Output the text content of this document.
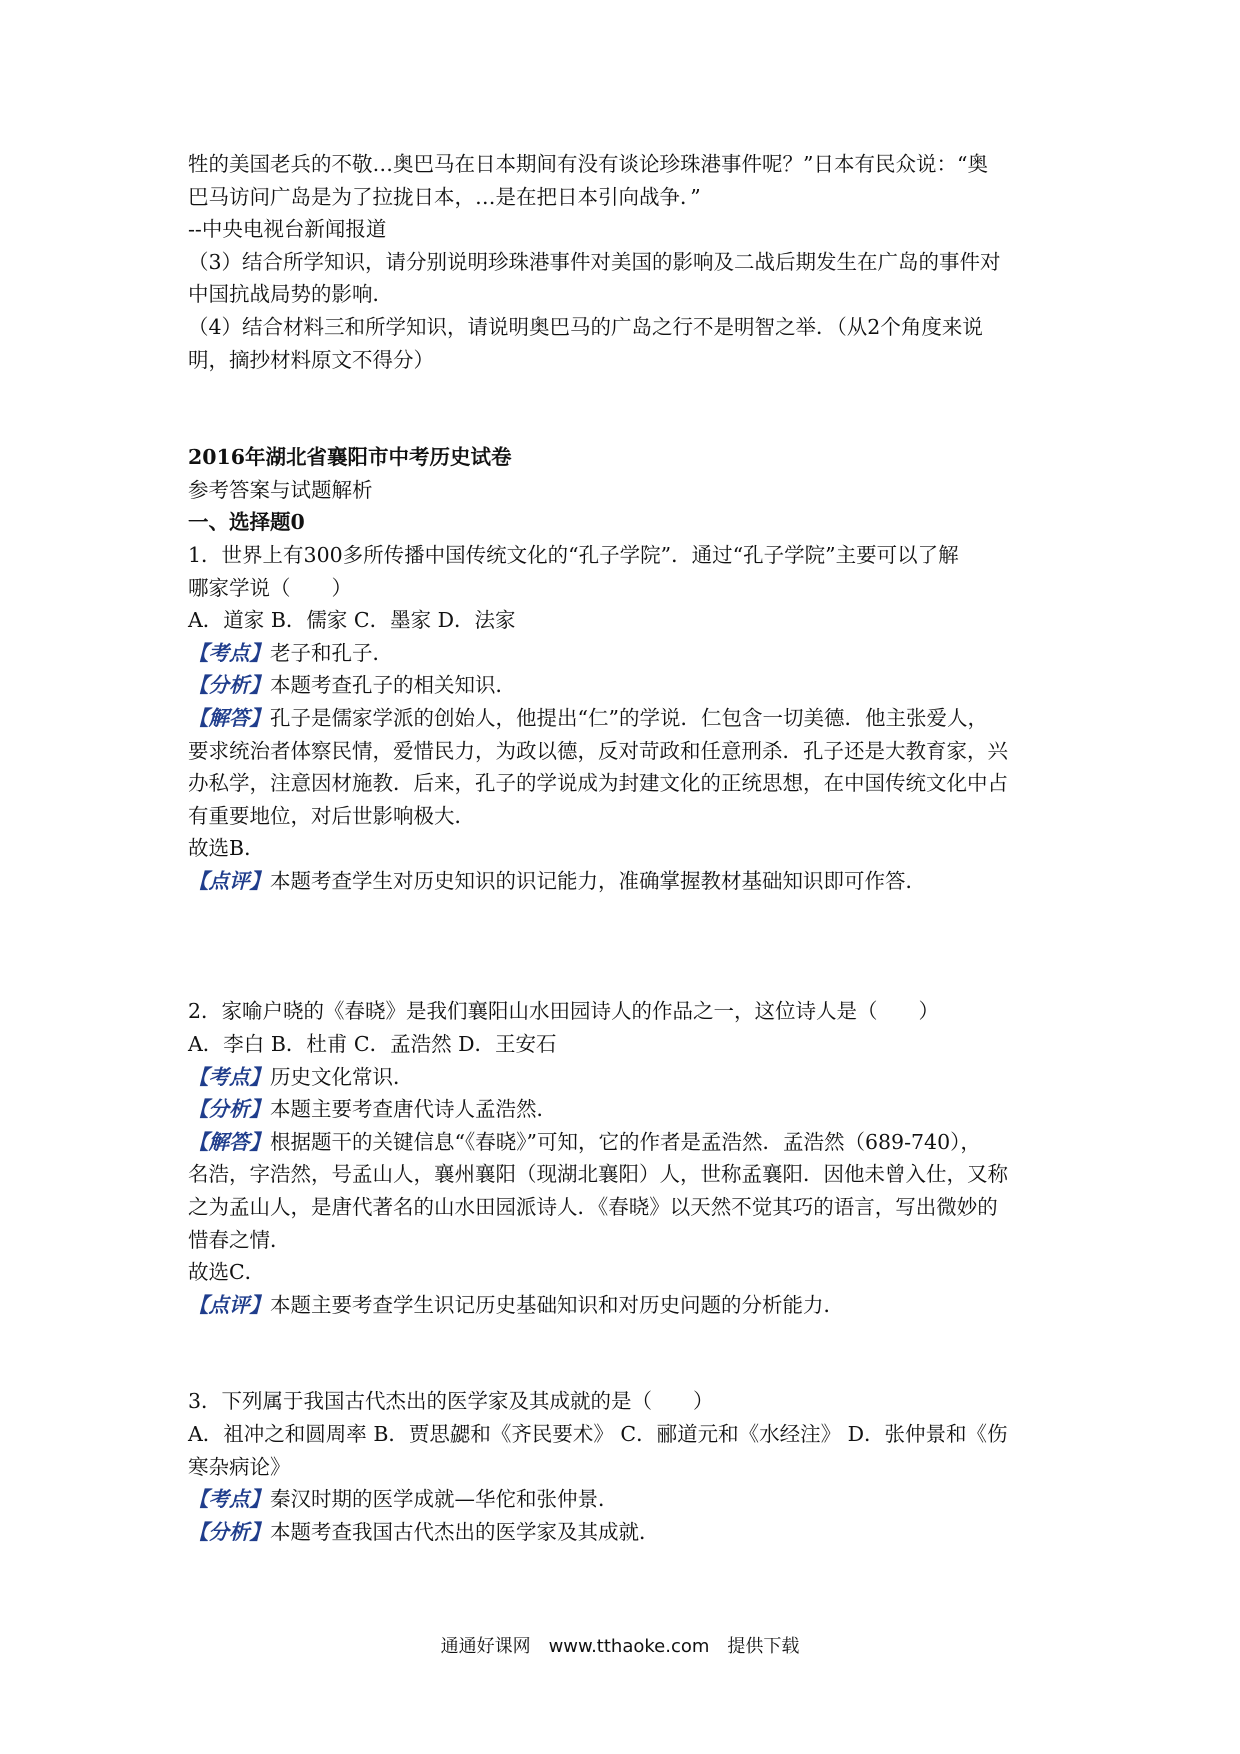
牲的美国老兵的不敬…奥巴马在日本期间有没有谈论珍珠港事件呢？”日本有民众说：“奥
巴马访问广岛是为了拉拢日本，…是在把日本引向战争．”
--中央电视台新闻报道
（3）结合所学知识，请分别说明珍珠港事件对美国的影响及二战后期发生在广岛的事件对
中国抗战局势的影响．
（4）结合材料三和所学知识，请说明奥巴马的广岛之行不是明智之举．（从2个角度来说
明，摘抄材料原文不得分）
2016年湖北省襄阳市中考历史试卷
参考答案与试题解析
一、选择题0
1．世界上有300多所传播中国传统文化的“孔子学院”．通过“孔子学院”主要可以了解
哪家学说（　　）
A．道家 B．儒家 C．墨家 D．法家
【考点】老子和孔子．
【分析】本题考查孔子的相关知识．
【解答】孔子是儒家学派的创始人，他提出“仁”的学说．仁包含一切美德．他主张爱人，
要求统治者体察民情，爱惜民力，为政以德，反对苛政和任意刑杀．孔子还是大教育家，兴
办私学，注意因材施教．后来，孔子的学说成为封建文化的正统思想，在中国传统文化中占
有重要地位，对后世影响极大．
故选B．
【点评】本题考查学生对历史知识的识记能力，准确掌握教材基础知识即可作答．
2．家喻户晓的《春晓》是我们襄阳山水田园诗人的作品之一，这位诗人是（　　）
A．李白 B．杜甫 C．孟浩然 D．王安石
【考点】历史文化常识．
【分析】本题主要考查唐代诗人孟浩然．
【解答】根据题干的关键信息“《春晓》”可知，它的作者是孟浩然．孟浩然（689-740），
名浩，字浩然，号孟山人，襄州襄阳（现湖北襄阳）人，世称孟襄阳．因他未曾入仕，又称
之为孟山人，是唐代著名的山水田园派诗人．《春晓》以天然不觉其巧的语言，写出微妙的
惜春之情．
故选C．
【点评】本题主要考查学生识记历史基础知识和对历史问题的分析能力．
3．下列属于我国古代杰出的医学家及其成就的是（　　）
A．祖冲之和圆周率 B．贾思勰和《齐民要术》 C．郦道元和《水经注》 D．张仲景和《伤
寒杂病论》
【考点】秦汉时期的医学成就—华佗和张仲景．
【分析】本题考查我国古代杰出的医学家及其成就．
通通好课网　www.tthaoke.com　提供下载
